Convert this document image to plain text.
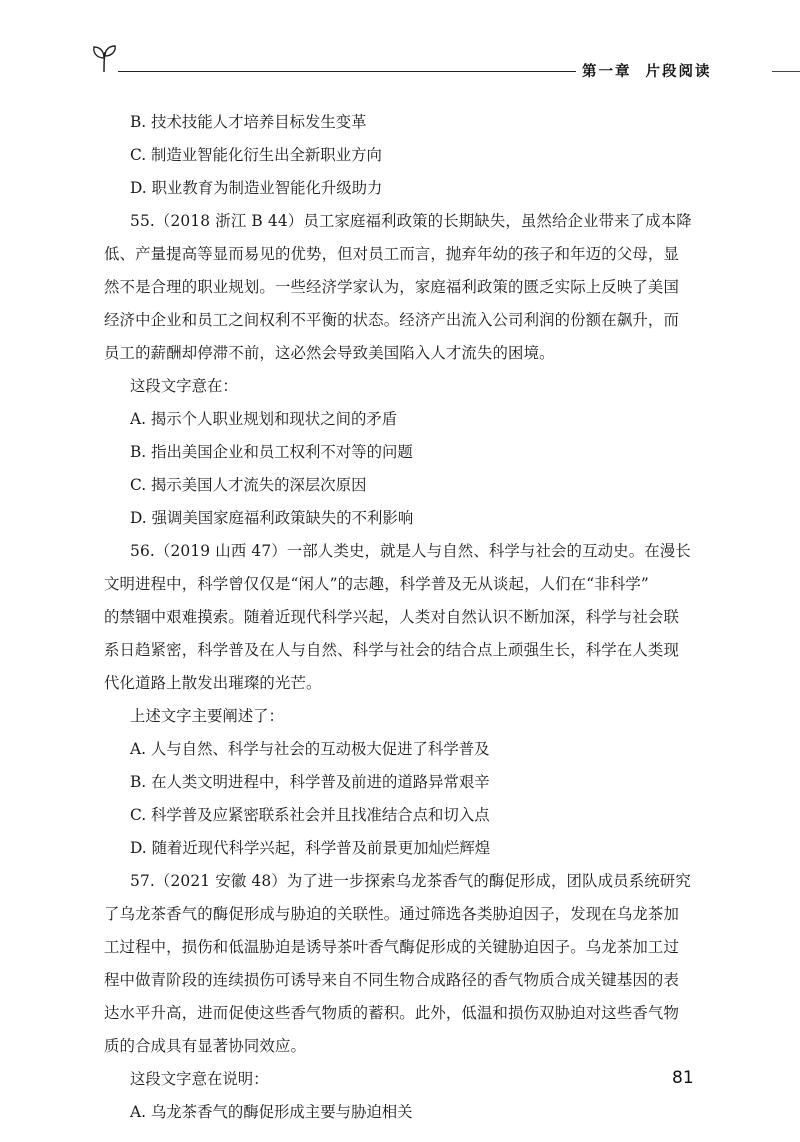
第一章 片段阅读
B. 技术技能人才培养目标发生变革
C. 制造业智能化衍生出全新职业方向
D. 职业教育为制造业智能化升级助力
55.（2018 浙江 B 44）员工家庭福利政策的长期缺失，虽然给企业带来了成本降
低、产量提高等显而易见的优势，但对员工而言，抛弃年幼的孩子和年迈的父母，显
然不是合理的职业规划。一些经济学家认为，家庭福利政策的匮乏实际上反映了美国
经济中企业和员工之间权利不平衡的状态。经济产出流入公司利润的份额在飙升，而
员工的薪酬却停滞不前，这必然会导致美国陷入人才流失的困境。
这段文字意在：
A. 揭示个人职业规划和现状之间的矛盾
B. 指出美国企业和员工权利不对等的问题
C. 揭示美国人才流失的深层次原因
D. 强调美国家庭福利政策缺失的不利影响
56.（2019 山西 47）一部人类史，就是人与自然、科学与社会的互动史。在漫长
文明进程中，科学曾仅仅是“闲人”的志趣，科学普及无从谈起，人们在“非科学”
的禁锢中艰难摸索。随着近现代科学兴起，人类对自然认识不断加深，科学与社会联
系日趋紧密，科学普及在人与自然、科学与社会的结合点上顽强生长，科学在人类现
代化道路上散发出璀璨的光芒。
上述文字主要阐述了：
A. 人与自然、科学与社会的互动极大促进了科学普及
B. 在人类文明进程中，科学普及前进的道路异常艰辛
C. 科学普及应紧密联系社会并且找准结合点和切入点
D. 随着近现代科学兴起，科学普及前景更加灿烂辉煌
57.（2021 安徽 48）为了进一步探索乌龙茶香气的酶促形成，团队成员系统研究
了乌龙茶香气的酶促形成与胁迫的关联性。通过筛选各类胁迫因子，发现在乌龙茶加
工过程中，损伤和低温胁迫是诱导茶叶香气酶促形成的关键胁迫因子。乌龙茶加工过
程中做青阶段的连续损伤可诱导来自不同生物合成路径的香气物质合成关键基因的表
达水平升高，进而促使这些香气物质的蓄积。此外，低温和损伤双胁迫对这些香气物
质的合成具有显著协同效应。
这段文字意在说明：
A. 乌龙茶香气的酶促形成主要与胁迫相关
81
